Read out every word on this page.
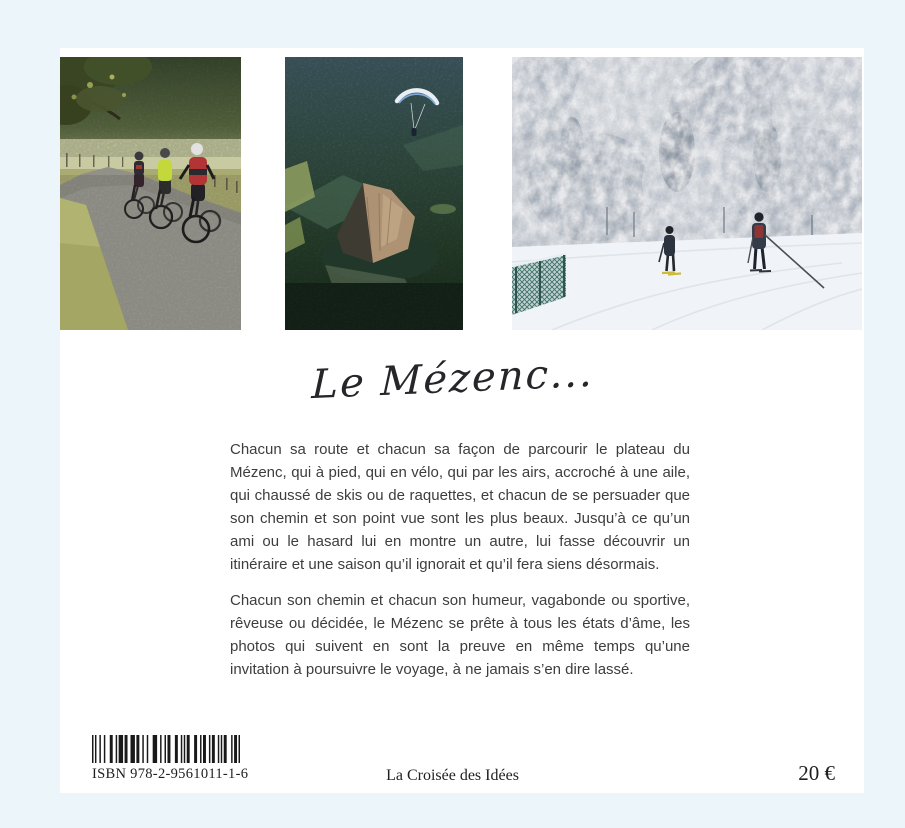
Le Mézenc...

Chacun sa route et chacun sa façon de parcourir le plateau du Mézenc, qui à pied, qui en vélo, qui par les airs, accroché à une aile, qui chaussé de skis ou de raquettes, et chacun de se persuader que son chemin et son point vue sont les plus beaux. Jusqu’à ce qu’un ami ou le hasard lui en montre un autre, lui fasse découvrir un itinéraire et une saison qu’il ignorait et qu’il fera siens désormais.

Chacun son chemin et chacun son humeur, vagabonde ou sportive, rêveuse ou décidée, le Mézenc se prête à tous les états d’âme, les photos qui suivent en sont la preuve en même temps qu’une invitation à poursuivre le voyage, à ne jamais s’en dire lassé.

ISBN 978-2-9561011-1-6	La Croisée des Idées	20 €
